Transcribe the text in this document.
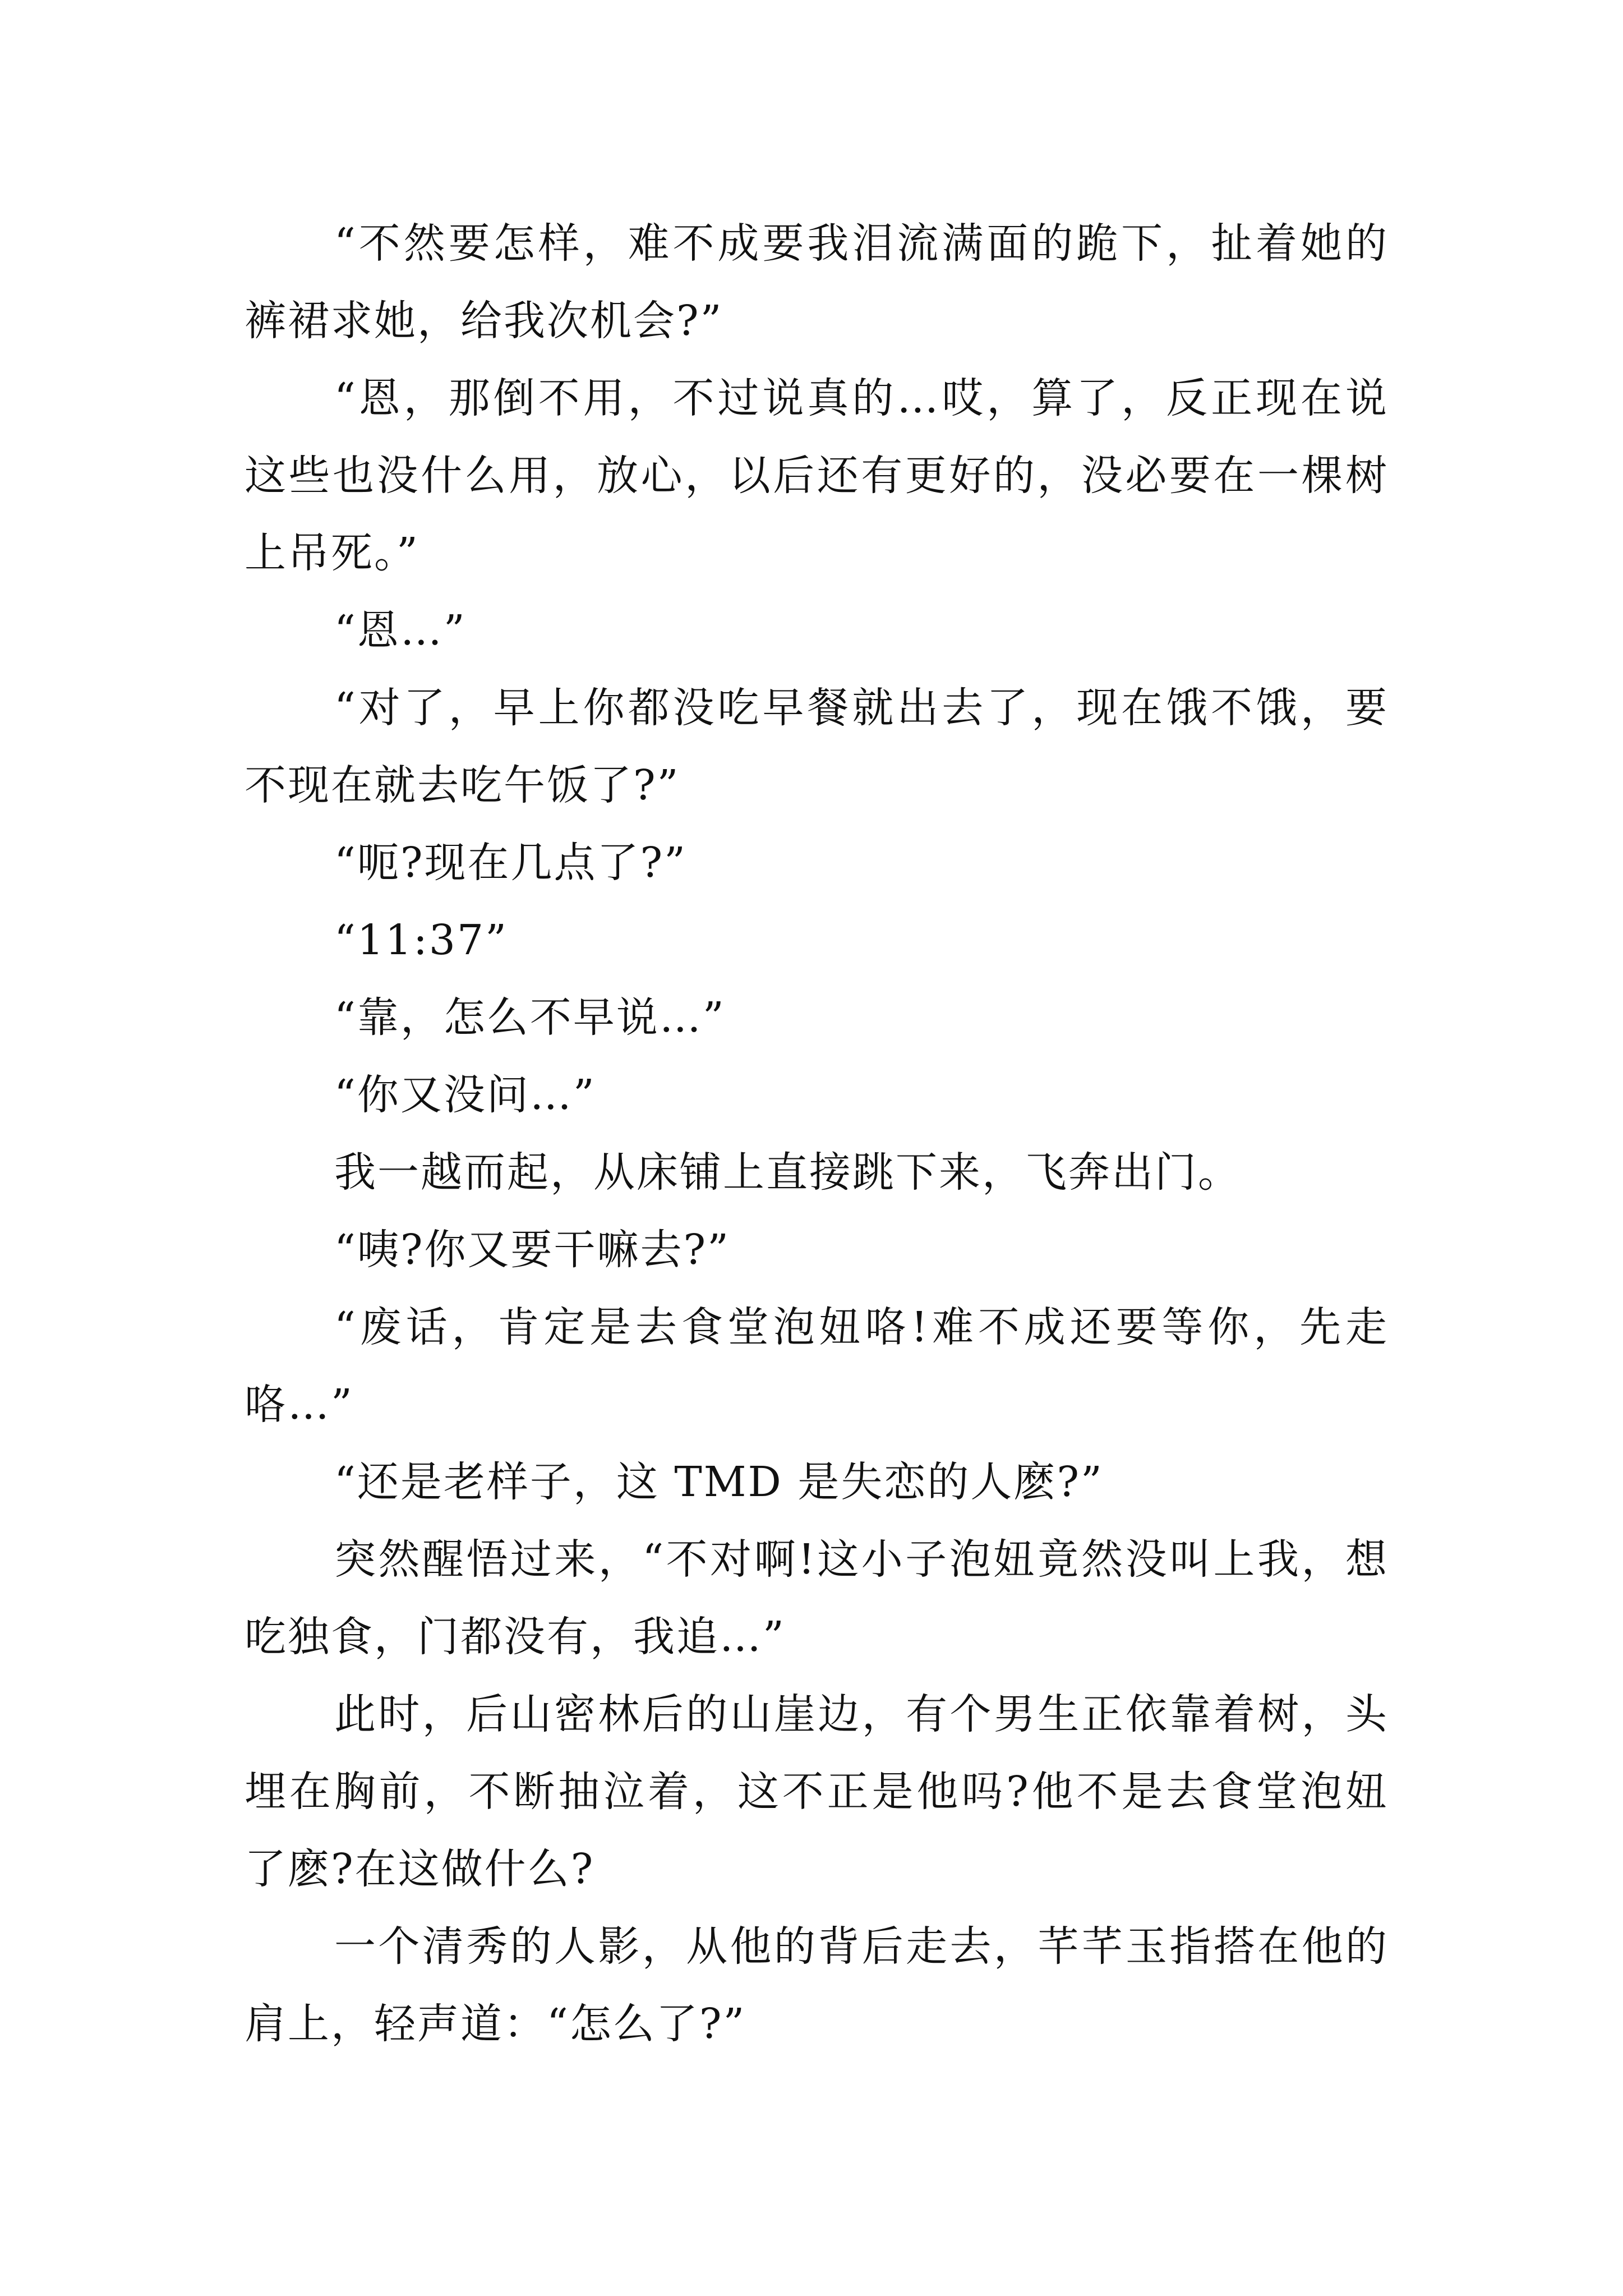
“不然要怎样，难不成要我泪流满面的跪下，扯着她的裤裙求她，给我次机会?”

“恩，那倒不用，不过说真的…哎，算了，反正现在说这些也没什么用，放心，以后还有更好的，没必要在一棵树上吊死。”

“恩…”

“对了，早上你都没吃早餐就出去了，现在饿不饿，要不现在就去吃午饭了?”

“呃?现在几点了?”

“11:37”

“靠，怎么不早说…”

“你又没问…”

我一越而起，从床铺上直接跳下来，飞奔出门。

“咦?你又要干嘛去?”

“废话，肯定是去食堂泡妞咯!难不成还要等你，先走咯…”

“还是老样子，这 TMD 是失恋的人麽?”

突然醒悟过来，“不对啊!这小子泡妞竟然没叫上我，想吃独食，门都没有，我追…”

此时，后山密林后的山崖边，有个男生正依靠着树，头埋在胸前，不断抽泣着，这不正是他吗?他不是去食堂泡妞了麽?在这做什么?

一个清秀的人影，从他的背后走去，芊芊玉指搭在他的肩上，轻声道：“怎么了?”
